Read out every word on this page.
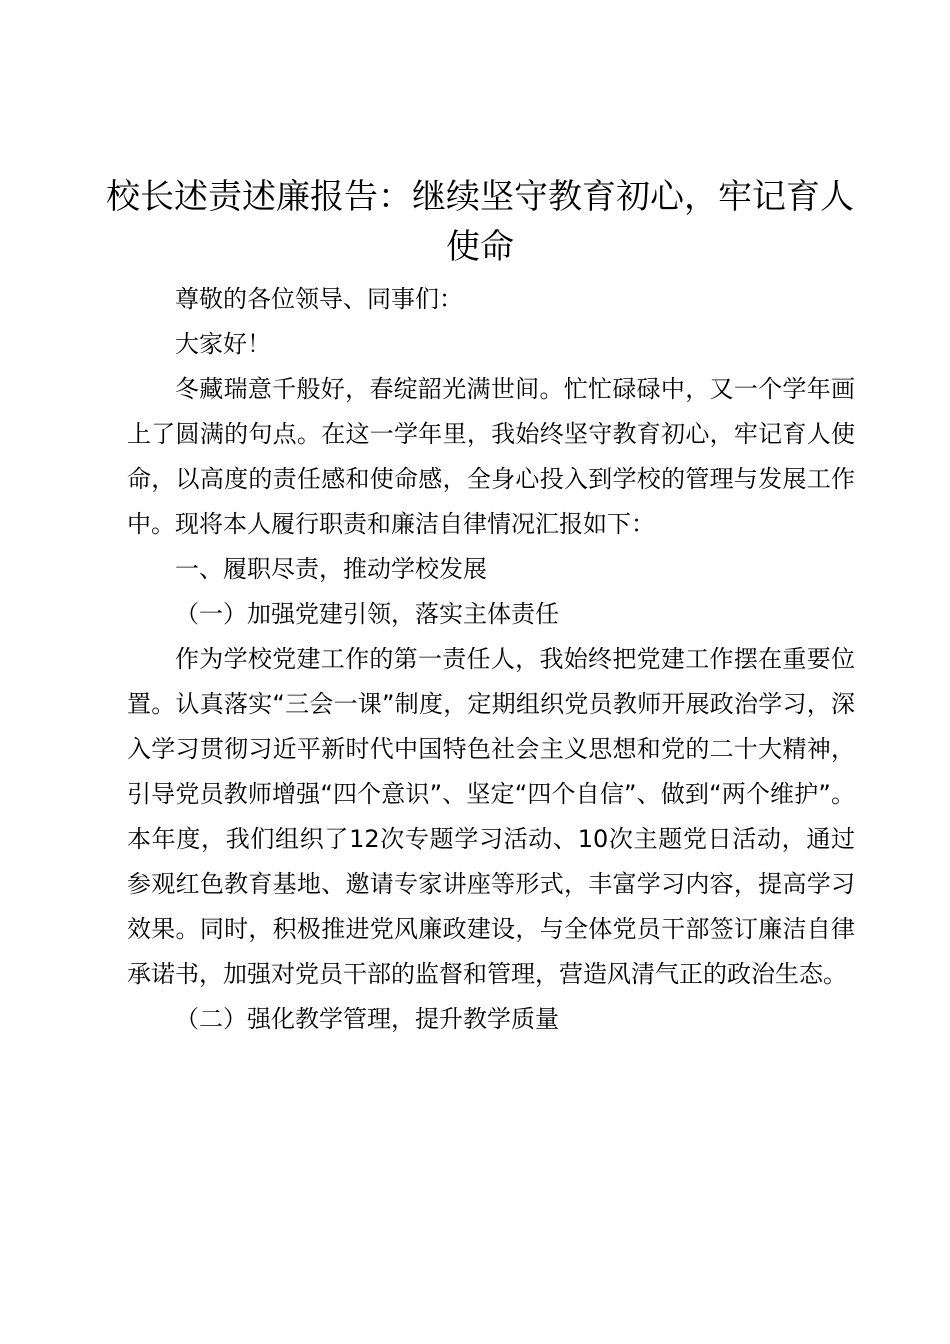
校长述责述廉报告：继续坚守教育初心，牢记育人使命

尊敬的各位领导、同事们：

大家好！

冬藏瑞意千般好，春绽韶光满世间。忙忙碌碌中，又一个学年画上了圆满的句点。在这一学年里，我始终坚守教育初心，牢记育人使命，以高度的责任感和使命感，全身心投入到学校的管理与发展工作中。现将本人履行职责和廉洁自律情况汇报如下：

一、履职尽责，推动学校发展

（一）加强党建引领，落实主体责任

作为学校党建工作的第一责任人，我始终把党建工作摆在重要位置。认真落实“三会一课”制度，定期组织党员教师开展政治学习，深入学习贯彻习近平新时代中国特色社会主义思想和党的二十大精神，引导党员教师增强“四个意识”、坚定“四个自信”、做到“两个维护”。本年度，我们组织了12次专题学习活动、10次主题党日活动，通过参观红色教育基地、邀请专家讲座等形式，丰富学习内容，提高学习效果。同时，积极推进党风廉政建设，与全体党员干部签订廉洁自律承诺书，加强对党员干部的监督和管理，营造风清气正的政治生态。

（二）强化教学管理，提升教学质量
